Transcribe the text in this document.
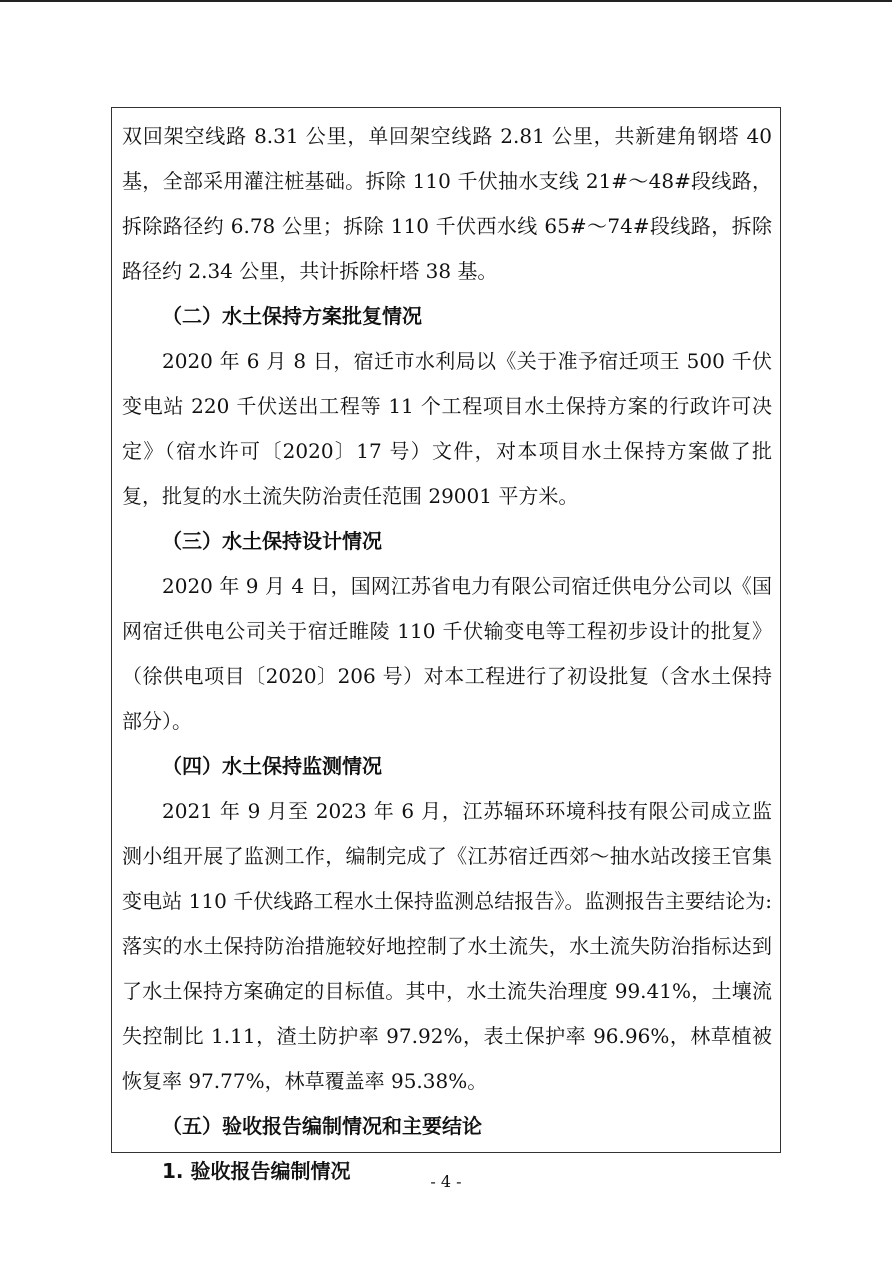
双回架空线路 8.31 公里，单回架空线路 2.81 公里，共新建角钢塔 40 基，全部采用灌注桩基础。拆除 110 千伏抽水支线 21#～48#段线路，拆除路径约 6.78 公里；拆除 110 千伏西水线 65#～74#段线路，拆除路径约 2.34 公里，共计拆除杆塔 38 基。

（二）水土保持方案批复情况

2020 年 6 月 8 日，宿迁市水利局以《关于准予宿迁项王 500 千伏变电站 220 千伏送出工程等 11 个工程项目水土保持方案的行政许可决定》（宿水许可〔2020〕17 号）文件，对本项目水土保持方案做了批复，批复的水土流失防治责任范围 29001 平方米。

（三）水土保持设计情况

2020 年 9 月 4 日，国网江苏省电力有限公司宿迁供电分公司以《国网宿迁供电公司关于宿迁睢陵 110 千伏输变电等工程初步设计的批复》（徐供电项目〔2020〕206 号）对本工程进行了初设批复（含水土保持部分）。

（四）水土保持监测情况

2021 年 9 月至 2023 年 6 月，江苏辐环环境科技有限公司成立监测小组开展了监测工作，编制完成了《江苏宿迁西郊～抽水站改接王官集变电站 110 千伏线路工程水土保持监测总结报告》。监测报告主要结论为: 落实的水土保持防治措施较好地控制了水土流失，水土流失防治指标达到了水土保持方案确定的目标值。其中，水土流失治理度 99.41%，土壤流失控制比 1.11，渣土防护率 97.92%，表土保护率 96.96%，林草植被恢复率 97.77%，林草覆盖率 95.38%。

（五）验收报告编制情况和主要结论
1. 验收报告编制情况	- 4 -
